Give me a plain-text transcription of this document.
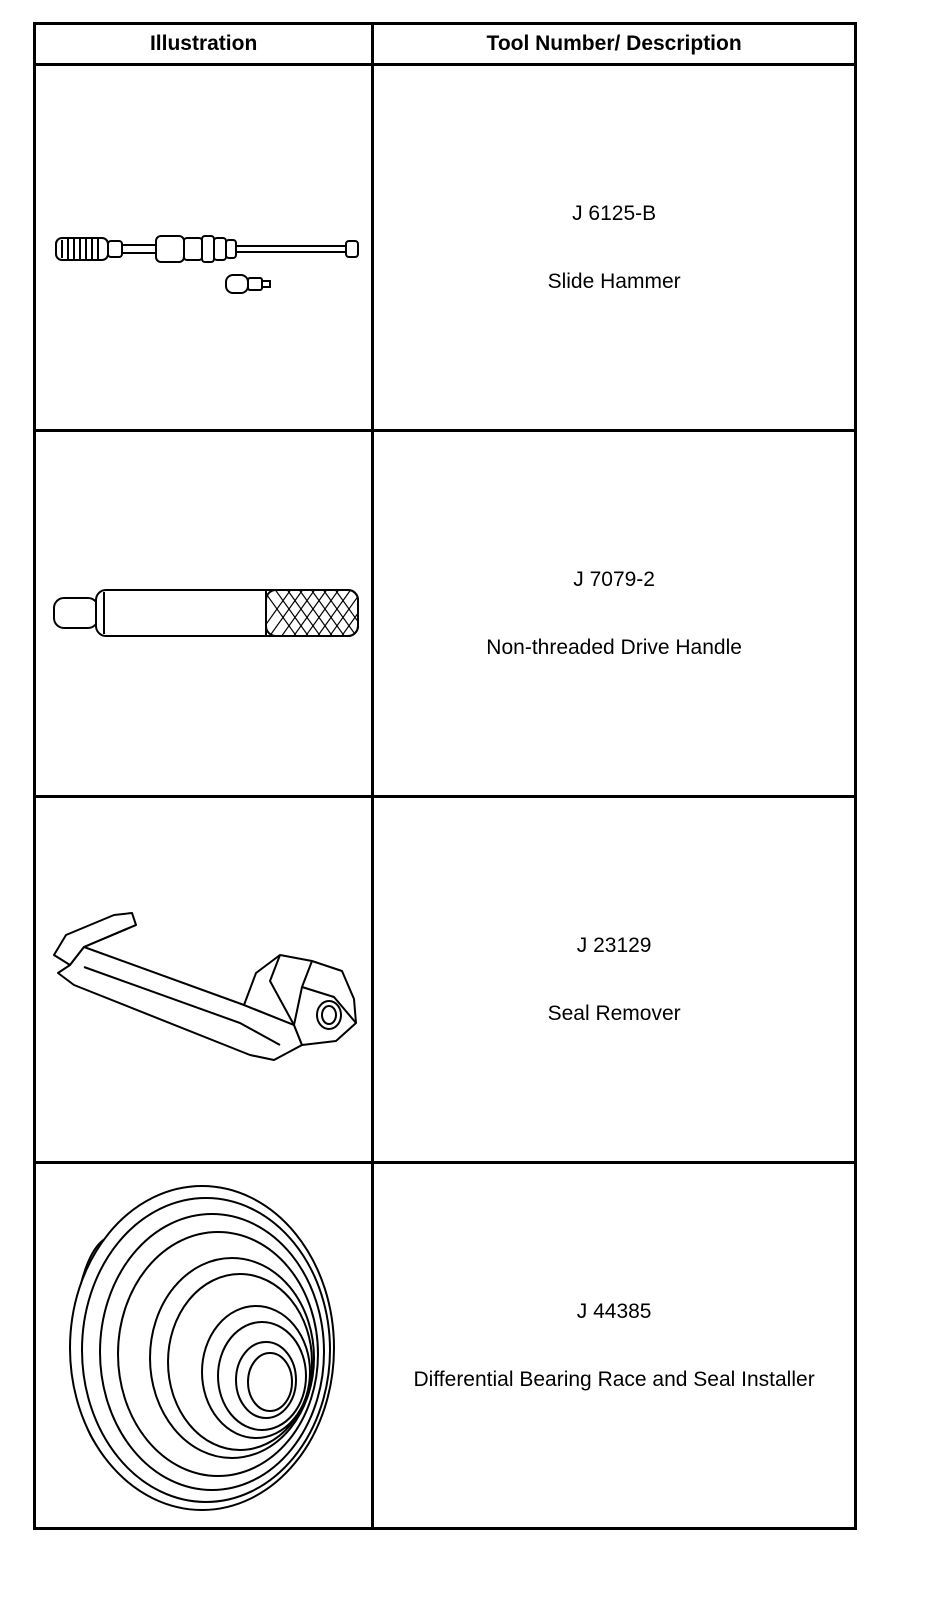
Illustration	Tool Number/ Description

J 6125-B
Slide Hammer

J 7079-2
Non-threaded Drive Handle

J 23129
Seal Remover

J 44385
Differential Bearing Race and Seal Installer
